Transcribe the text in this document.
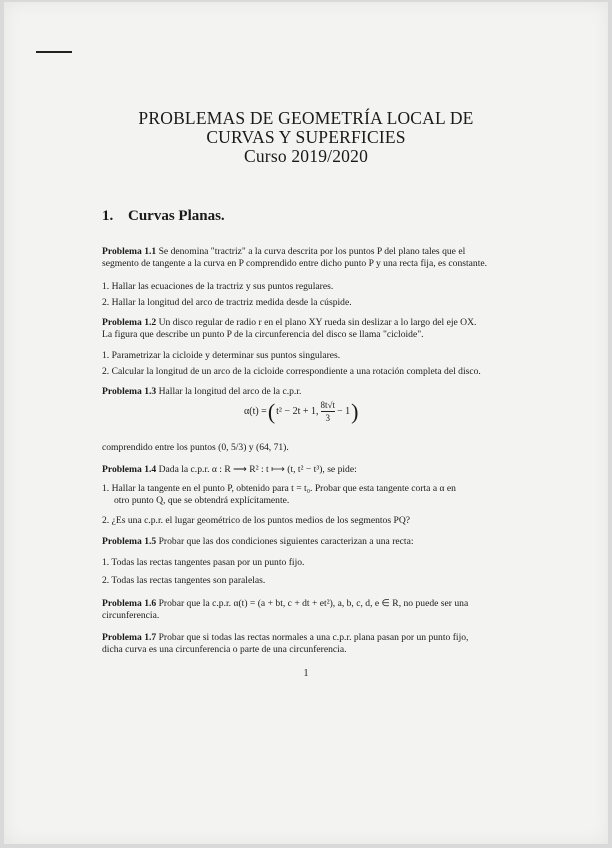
PROBLEMAS DE GEOMETRÍA LOCAL DE
CURVAS Y SUPERFICIES
Curso 2019/2020
1. Curvas Planas.
Problema 1.1 Se denomina "tractriz" a la curva descrita por los puntos P del plano tales que el
segmento de tangente a la curva en P comprendido entre dicho punto P y una recta fija, es constante.
1. Hallar las ecuaciones de la tractriz y sus puntos regulares.
2. Hallar la longitud del arco de tractriz medida desde la cúspide.
Problema 1.2 Un disco regular de radio r en el plano XY rueda sin deslizar a lo largo del eje OX.
La figura que describe un punto P de la circunferencia del disco se llama "cicloide".
1. Parametrizar la cicloide y determinar sus puntos singulares.
2. Calcular la longitud de un arco de la cicloide correspondiente a una rotación completa del disco.
Problema 1.3 Hallar la longitud del arco de la c.p.r.
α(t) = ( t² − 2t + 1, $\frac{8t√t}{3} - 1$ )
comprendido entre los puntos (0, 5/3) y (64, 71).
Problema 1.4 Dada la c.p.r. α : R ⟶ R² : t ⟼ (t, t² − t³), se pide:
1. Hallar la tangente en el punto P, obtenido para t = t₀. Probar que esta tangente corta a α en
otro punto Q, que se obtendrá explícitamente.
2. ¿Es una c.p.r. el lugar geométrico de los puntos medios de los segmentos PQ?
Problema 1.5 Probar que las dos condiciones siguientes caracterizan a una recta:
1. Todas las rectas tangentes pasan por un punto fijo.
2. Todas las rectas tangentes son paralelas.
Problema 1.6 Probar que la c.p.r. α(t) = (a + bt, c + dt + et²), a, b, c, d, e ∈ R, no puede ser una
circunferencia.
Problema 1.7 Probar que si todas las rectas normales a una c.p.r. plana pasan por un punto fijo,
dicha curva es una circunferencia o parte de una circunferencia.
1
